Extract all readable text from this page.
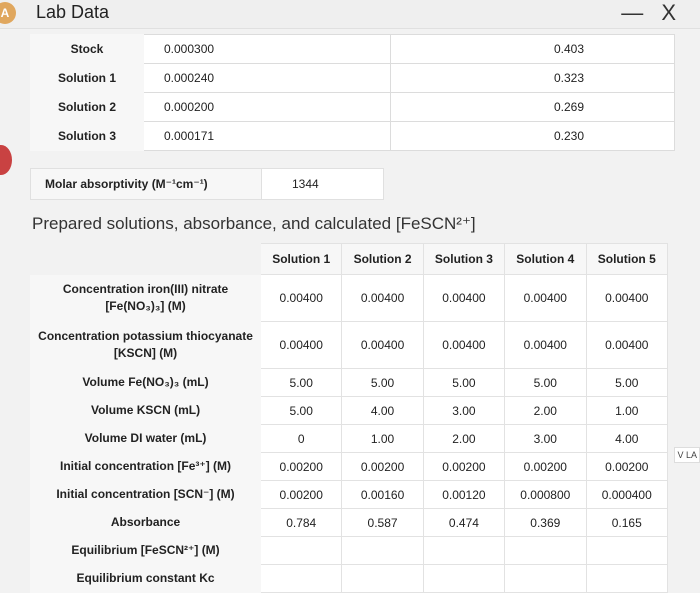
A	Lab Data	— X
Stock	0.000300	0.403
Solution 1	0.000240	0.323
Solution 2	0.000200	0.269
Solution 3	0.000171	0.230
Molar absorptivity (M⁻¹cm⁻¹)	1344
Prepared solutions, absorbance, and calculated [FeSCN²⁺]
	Solution 1	Solution 2	Solution 3	Solution 4	Solution 5
Concentration iron(III) nitrate [Fe(NO₃)₃] (M)	0.00400	0.00400	0.00400	0.00400	0.00400
Concentration potassium thiocyanate [KSCN] (M)	0.00400	0.00400	0.00400	0.00400	0.00400
Volume Fe(NO₃)₃ (mL)	5.00	5.00	5.00	5.00	5.00
Volume KSCN (mL)	5.00	4.00	3.00	2.00	1.00
Volume DI water (mL)	0	1.00	2.00	3.00	4.00
Initial concentration [Fe³⁺] (M)	0.00200	0.00200	0.00200	0.00200	0.00200
Initial concentration [SCN⁻] (M)	0.00200	0.00160	0.00120	0.000800	0.000400
Absorbance	0.784	0.587	0.474	0.369	0.165
Equilibrium [FeSCN²⁺] (M)					
Equilibrium constant Kc					
V LA
